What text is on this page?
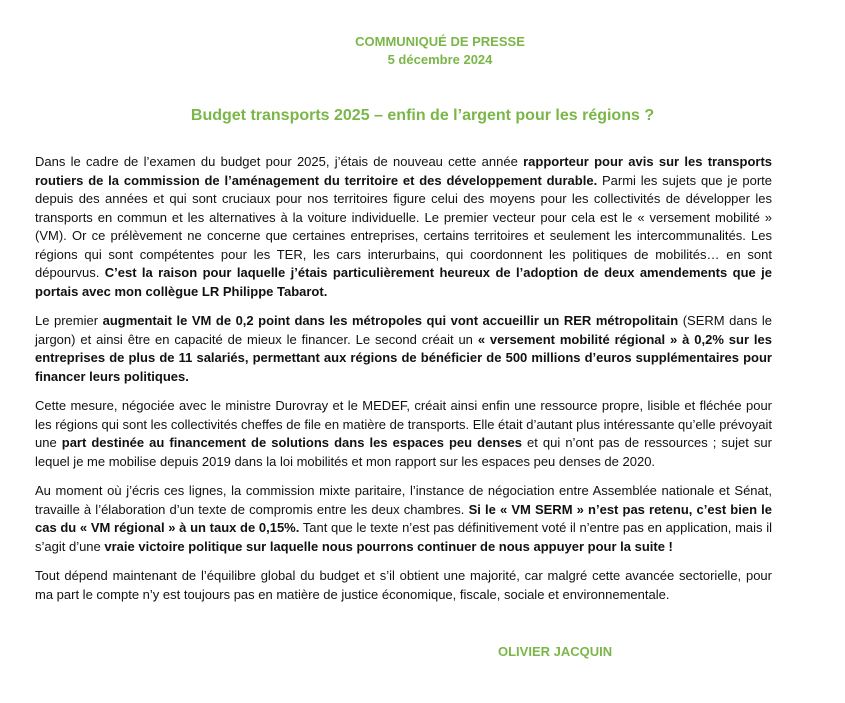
COMMUNIQUÉ DE PRESSE
5 décembre 2024
Budget transports 2025 – enfin de l’argent pour les régions ?

Dans le cadre de l’examen du budget pour 2025, j’étais de nouveau cette année rapporteur pour avis sur les transports routiers de la commission de l’aménagement du territoire et des développement durable. Parmi les sujets que je porte depuis des années et qui sont cruciaux pour nos territoires figure celui des moyens pour les collectivités de développer les transports en commun et les alternatives à la voiture individuelle. Le premier vecteur pour cela est le « versement mobilité » (VM). Or ce prélèvement ne concerne que certaines entreprises, certains territoires et seulement les intercommunalités. Les régions qui sont compétentes pour les TER, les cars interurbains, qui coordonnent les politiques de mobilités… en sont dépourvus. C’est la raison pour laquelle j’étais particulièrement heureux de l’adoption de deux amendements que je portais avec mon collègue LR Philippe Tabarot.

Le premier augmentait le VM de 0,2 point dans les métropoles qui vont accueillir un RER métropolitain (SERM dans le jargon) et ainsi être en capacité de mieux le financer. Le second créait un « versement mobilité régional » à 0,2% sur les entreprises de plus de 11 salariés, permettant aux régions de bénéficier de 500 millions d’euros supplémentaires pour financer leurs politiques.

Cette mesure, négociée avec le ministre Durovray et le MEDEF, créait ainsi enfin une ressource propre, lisible et fléchée pour les régions qui sont les collectivités cheffes de file en matière de transports. Elle était d’autant plus intéressante qu’elle prévoyait une part destinée au financement de solutions dans les espaces peu denses et qui n’ont pas de ressources ; sujet sur lequel je me mobilise depuis 2019 dans la loi mobilités et mon rapport sur les espaces peu denses de 2020.

Au moment où j’écris ces lignes, la commission mixte paritaire, l’instance de négociation entre Assemblée nationale et Sénat, travaille à l’élaboration d’un texte de compromis entre les deux chambres. Si le « VM SERM » n’est pas retenu, c’est bien le cas du « VM régional » à un taux de 0,15%. Tant que le texte n’est pas définitivement voté il n’entre pas en application, mais il s’agit d’une vraie victoire politique sur laquelle nous pourrons continuer de nous appuyer pour la suite !

Tout dépend maintenant de l’équilibre global du budget et s’il obtient une majorité, car malgré cette avancée sectorielle, pour ma part le compte n’y est toujours pas en matière de justice économique, fiscale, sociale et environnementale.

OLIVIER JACQUIN
